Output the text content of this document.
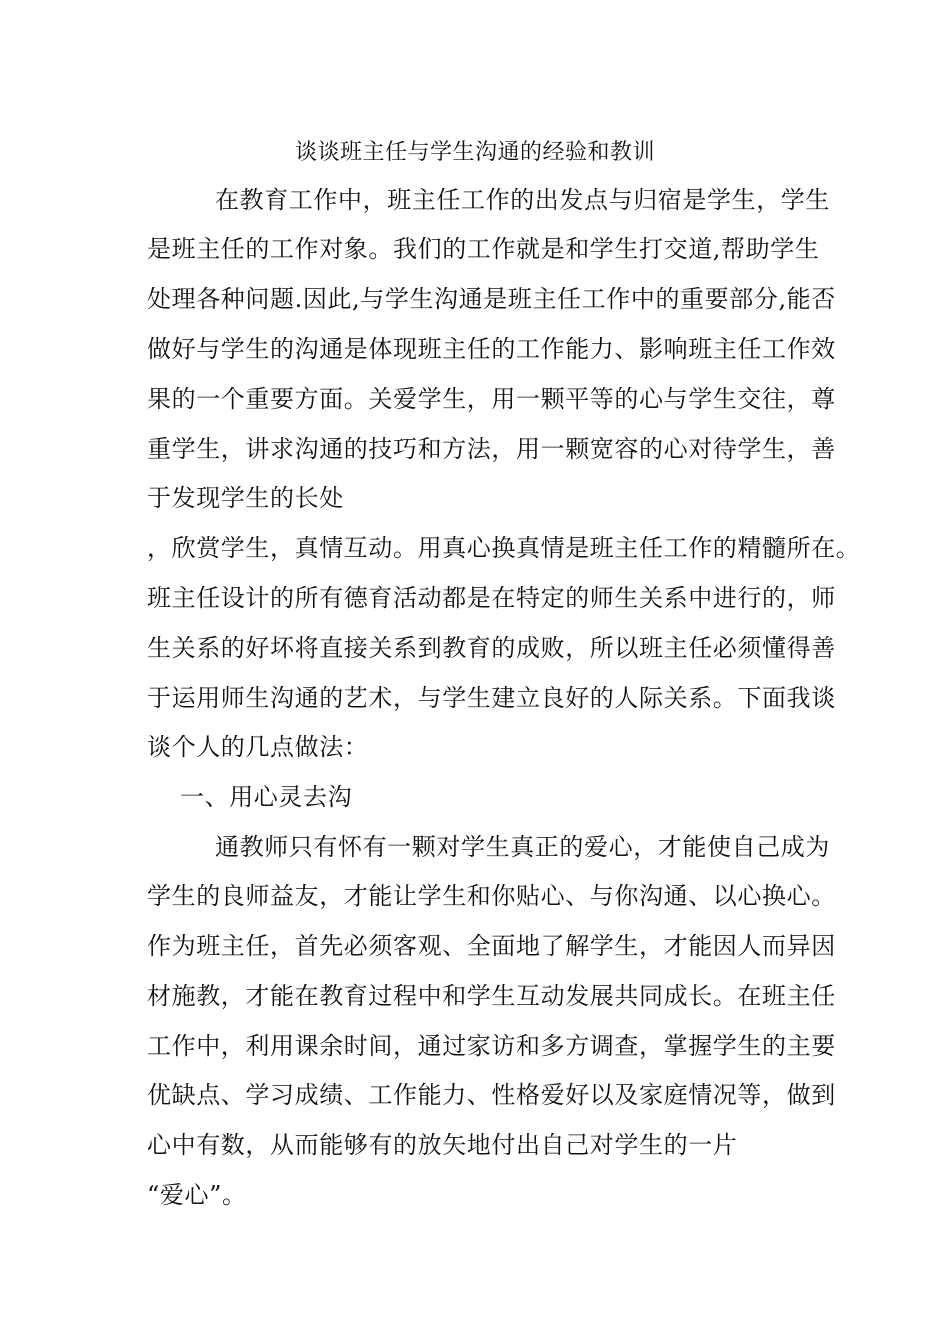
谈谈班主任与学生沟通的经验和教训
在教育工作中，班主任工作的出发点与归宿是学生，学生
是班主任的工作对象。我们的工作就是和学生打交道,帮助学生
处理各种问题.因此,与学生沟通是班主任工作中的重要部分,能否
做好与学生的沟通是体现班主任的工作能力、影响班主任工作效
果的一个重要方面。关爱学生，用一颗平等的心与学生交往，尊
重学生，讲求沟通的技巧和方法，用一颗宽容的心对待学生，善
于发现学生的长处
，欣赏学生，真情互动。用真心换真情是班主任工作的精髓所在。
班主任设计的所有德育活动都是在特定的师生关系中进行的，师
生关系的好坏将直接关系到教育的成败，所以班主任必须懂得善
于运用师生沟通的艺术，与学生建立良好的人际关系。下面我谈
谈个人的几点做法：
一、用心灵去沟
通教师只有怀有一颗对学生真正的爱心，才能使自己成为
学生的良师益友，才能让学生和你贴心、与你沟通、以心换心。
作为班主任，首先必须客观、全面地了解学生，才能因人而异因
材施教，才能在教育过程中和学生互动发展共同成长。在班主任
工作中，利用课余时间，通过家访和多方调查，掌握学生的主要
优缺点、学习成绩、工作能力、性格爱好以及家庭情况等，做到
心中有数，从而能够有的放矢地付出自己对学生的一片
“爱心”。
